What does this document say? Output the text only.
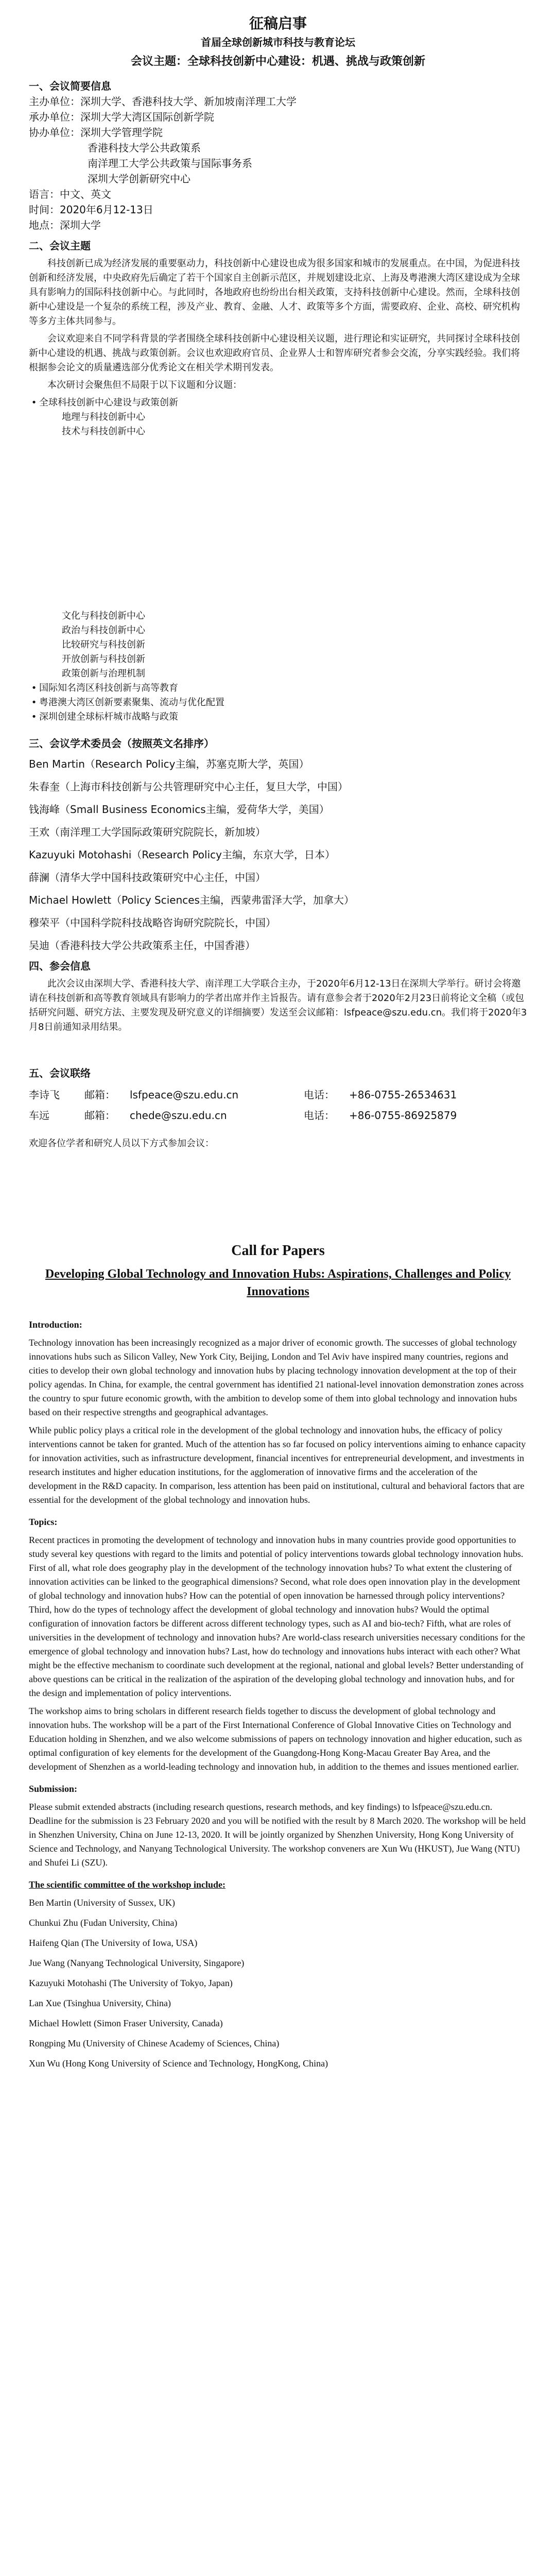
征稿启事
首届全球创新城市科技与教育论坛
会议主题：全球科技创新中心建设：机遇、挑战与政策创新
一、会议简要信息
主办单位：深圳大学、香港科技大学、新加坡南洋理工大学
承办单位：深圳大学大湾区国际创新学院
协办单位：深圳大学管理学院
香港科技大学公共政策系
南洋理工大学公共政策与国际事务系
深圳大学创新研究中心
语言：中文、英文
时间：2020年6月12-13日
地点：深圳大学
二、会议主题
科技创新已成为经济发展的重要驱动力，科技创新中心建设也成为很多国家和城市的发展重点。在中国，为促进科技创新和经济发展，中央政府先后确定了若干个国家自主创新示范区，并规划建设北京、上海及粤港澳大湾区建设成为全球具有影响力的国际科技创新中心。与此同时，各地政府也纷纷出台相关政策，支持科技创新中心建设。然而，全球科技创新中心建设是一个复杂的系统工程，涉及产业、教育、金融、人才、政策等多个方面，需要政府、企业、高校、研究机构等多方主体共同参与。
会议欢迎来自不同学科背景的学者围绕全球科技创新中心建设相关议题，进行理论和实证研究，共同探讨全球科技创新中心建设的机遇、挑战与政策创新。会议也欢迎政府官员、企业界人士和智库研究者参会交流，分享实践经验。我们将根据参会论文的质量遴选部分优秀论文在相关学术期刊发表。
本次研讨会聚焦但不局限于以下议题和分议题：
• 全球科技创新中心建设与政策创新
地理与科技创新中心
技术与科技创新中心
文化与科技创新中心
政治与科技创新中心
比较研究与科技创新
开放创新与科技创新
政策创新与治理机制
• 国际知名湾区科技创新与高等教育
• 粤港澳大湾区创新要素聚集、流动与优化配置
• 深圳创建全球标杆城市战略与政策
三、会议学术委员会（按照英文名排序）
Ben Martin（Research Policy主编，苏塞克斯大学，英国）
朱春奎（上海市科技创新与公共管理研究中心主任，复旦大学，中国）
钱海峰（Small Business Economics主编，爱荷华大学，美国）
王欢（南洋理工大学国际政策研究院院长，新加坡）
Kazuyuki Motohashi（Research Policy主编，东京大学，日本）
薛澜（清华大学中国科技政策研究中心主任，中国）
Michael Howlett（Policy Sciences主编，西蒙弗雷泽大学，加拿大）
穆荣平（中国科学院科技战略咨询研究院院长，中国）
吴迪（香港科技大学公共政策系主任，中国香港）
四、参会信息
此次会议由深圳大学、香港科技大学、南洋理工大学联合主办，于2020年6月12-13日在深圳大学举行。研讨会将邀请在科技创新和高等教育领域具有影响力的学者出席并作主旨报告。请有意参会者于2020年2月23日前将论文全稿（或包括研究问题、研究方法、主要发现及研究意义的详细摘要）发送至会议邮箱：lsfpeace@szu.edu.cn。我们将于2020年3月8日前通知录用结果。
五、会议联络
李诗飞	邮箱： lsfpeace@szu.edu.cn	电话： +86-0755-26534631
车远	邮箱： chede@szu.edu.cn	电话： +86-0755-86925879
欢迎各位学者和研究人员以下方式参加会议：
Call for Papers
Developing Global Technology and Innovation Hubs: Aspirations, Challenges and Policy Innovations
Introduction:
Technology innovation has been increasingly recognized as a major driver of economic growth. The successes of global technology innovations hubs such as Silicon Valley, New York City, Beijing, London and Tel Aviv have inspired many countries, regions and cities to develop their own global technology and innovation hubs by placing technology innovation development at the top of their policy agendas. In China, for example, the central government has identified 21 national-level innovation demonstration zones across the country to spur future economic growth, with the ambition to develop some of them into global technology and innovation hubs based on their respective strengths and geographical advantages.
While public policy plays a critical role in the development of the global technology and innovation hubs, the efficacy of policy interventions cannot be taken for granted. Much of the attention has so far focused on policy interventions aiming to enhance capacity for innovation activities, such as infrastructure development, financial incentives for entrepreneurial development, and investments in research institutes and higher education institutions, for the agglomeration of innovative firms and the acceleration of the development in the R&D capacity. In comparison, less attention has been paid on institutional, cultural and behavioral factors that are essential for the development of the global technology and innovation hubs.
Topics:
Recent practices in promoting the development of technology and innovation hubs in many countries provide good opportunities to study several key questions with regard to the limits and potential of policy interventions towards global technology innovation hubs. First of all, what role does geography play in the development of the technology innovation hubs? To what extent the clustering of innovation activities can be linked to the geographical dimensions? Second, what role does open innovation play in the development of global technology and innovation hubs? How can the potential of open innovation be harnessed through policy interventions? Third, how do the types of technology affect the development of global technology and innovation hubs? Would the optimal configuration of innovation factors be different across different technology types, such as AI and bio-tech? Fifth, what are roles of universities in the development of technology and innovation hubs? Are world-class research universities necessary conditions for the emergence of global technology and innovation hubs? Last, how do technology and innovations hubs interact with each other? What might be the effective mechanism to coordinate such development at the regional, national and global levels? Better understanding of above questions can be critical in the realization of the aspiration of the developing global technology and innovation hubs, and for the design and implementation of policy interventions.
The workshop aims to bring scholars in different research fields together to discuss the development of global technology and innovation hubs. The workshop will be a part of the First International Conference of Global Innovative Cities on Technology and Education holding in Shenzhen, and we also welcome submissions of papers on technology innovation and higher education, such as optimal configuration of key elements for the development of the Guangdong-Hong Kong-Macau Greater Bay Area, and the development of Shenzhen as a world-leading technology and innovation hub, in addition to the themes and issues mentioned earlier.
Submission:
Please submit extended abstracts (including research questions, research methods, and key findings) to lsfpeace@szu.edu.cn. Deadline for the submission is 23 February 2020 and you will be notified with the result by 8 March 2020. The workshop will be held in Shenzhen University, China on June 12-13, 2020. It will be jointly organized by Shenzhen University, Hong Kong University of Science and Technology, and Nanyang Technological University. The workshop conveners are Xun Wu (HKUST), Jue Wang (NTU) and Shufei Li (SZU).
The scientific committee of the workshop include:
Ben Martin (University of Sussex, UK)
Chunkui Zhu (Fudan University, China)
Haifeng Qian (The University of Iowa, USA)
Jue Wang (Nanyang Technological University, Singapore)
Kazuyuki Motohashi (The University of Tokyo, Japan)
Lan Xue (Tsinghua University, China)
Michael Howlett (Simon Fraser University, Canada)
Rongping Mu (University of Chinese Academy of Sciences, China)
Xun Wu (Hong Kong University of Science and Technology, HongKong, China)
